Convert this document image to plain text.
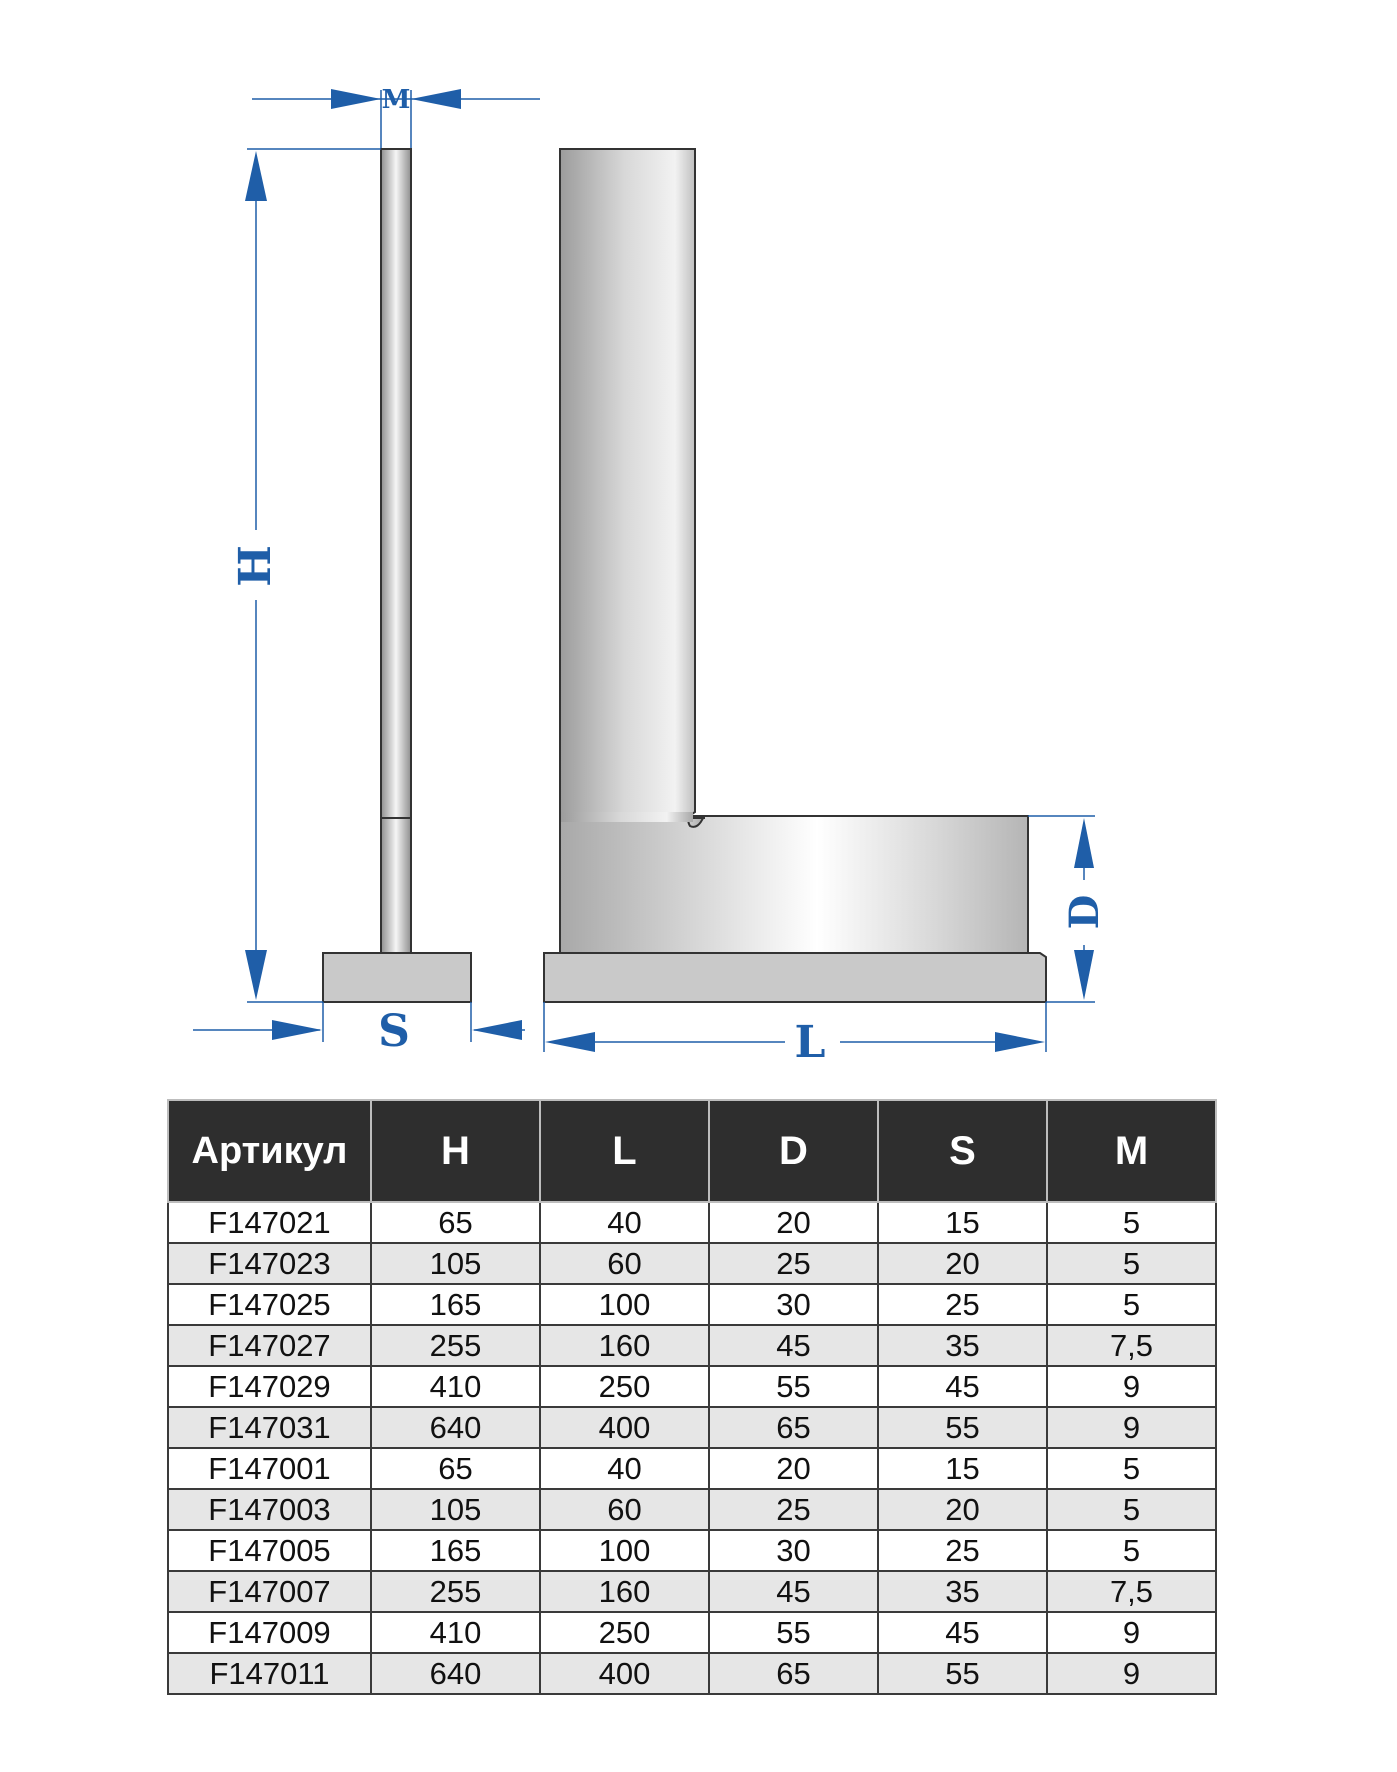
M
H
S	L
D
Артикул	H	L	D	S	M
F147021	65	40	20	15	5
F147023	105	60	25	20	5
F147025	165	100	30	25	5
F147027	255	160	45	35	7,5
F147029	410	250	55	45	9
F147031	640	400	65	55	9
F147001	65	40	20	15	5
F147003	105	60	25	20	5
F147005	165	100	30	25	5
F147007	255	160	45	35	7,5
F147009	410	250	55	45	9
F147011	640	400	65	55	9
